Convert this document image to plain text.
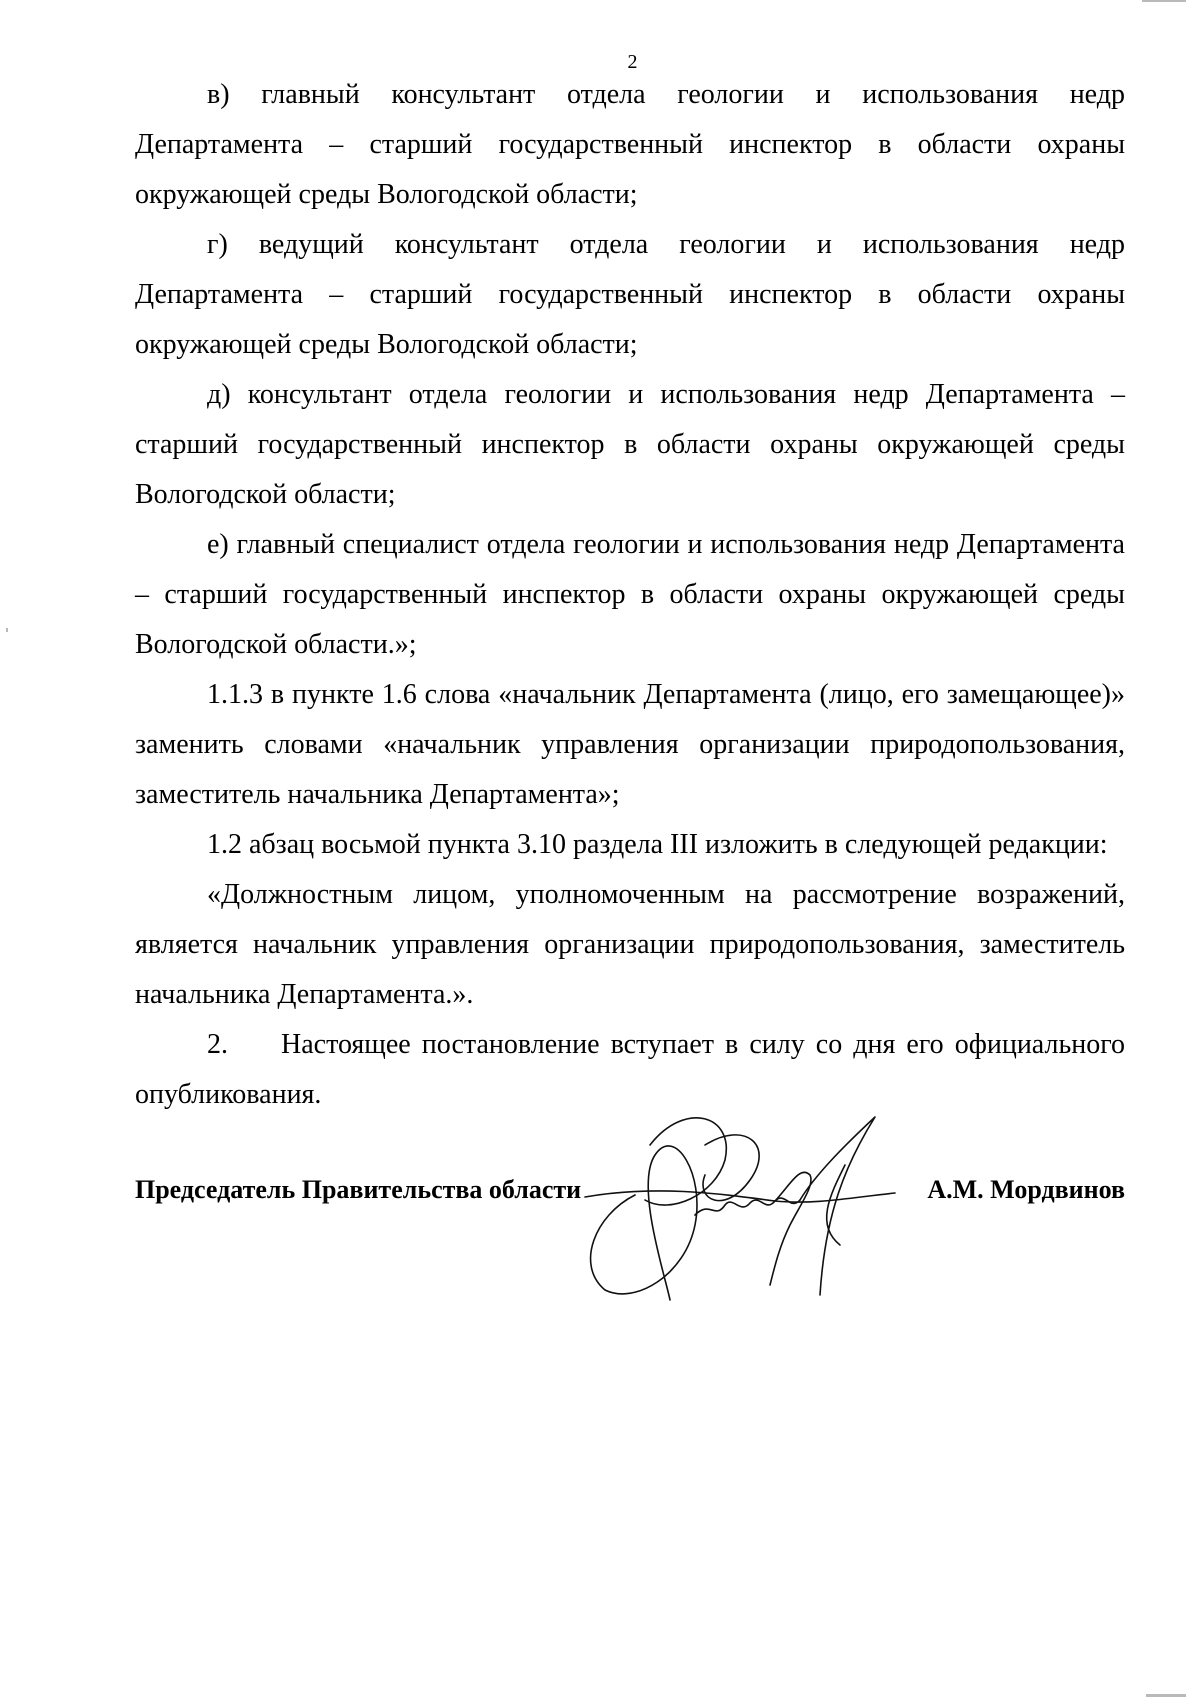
2

в) главный консультант отдела геологии и использования недр Департамента – старший государственный инспектор в области охраны окружающей среды Вологодской области;

г) ведущий консультант отдела геологии и использования недр Департамента – старший государственный инспектор в области охраны окружающей среды Вологодской области;

д) консультант отдела геологии и использования недр Департамента – старший государственный инспектор в области охраны окружающей среды Вологодской области;

е) главный специалист отдела геологии и использования недр Департамента – старший государственный инспектор в области охраны окружающей среды Вологодской области.»;

1.1.3 в пункте 1.6 слова «начальник Департамента (лицо, его замещающее)» заменить словами «начальник управления организации природопользования, заместитель начальника Департамента»;

1.2 абзац восьмой пункта 3.10 раздела III изложить в следующей редакции:

«Должностным лицом, уполномоченным на рассмотрение возражений, является начальник управления организации природопользования, заместитель начальника Департамента.».

2. Настоящее постановление вступает в силу со дня его официального опубликования.

Председатель Правительства области	А.М. Мордвинов
